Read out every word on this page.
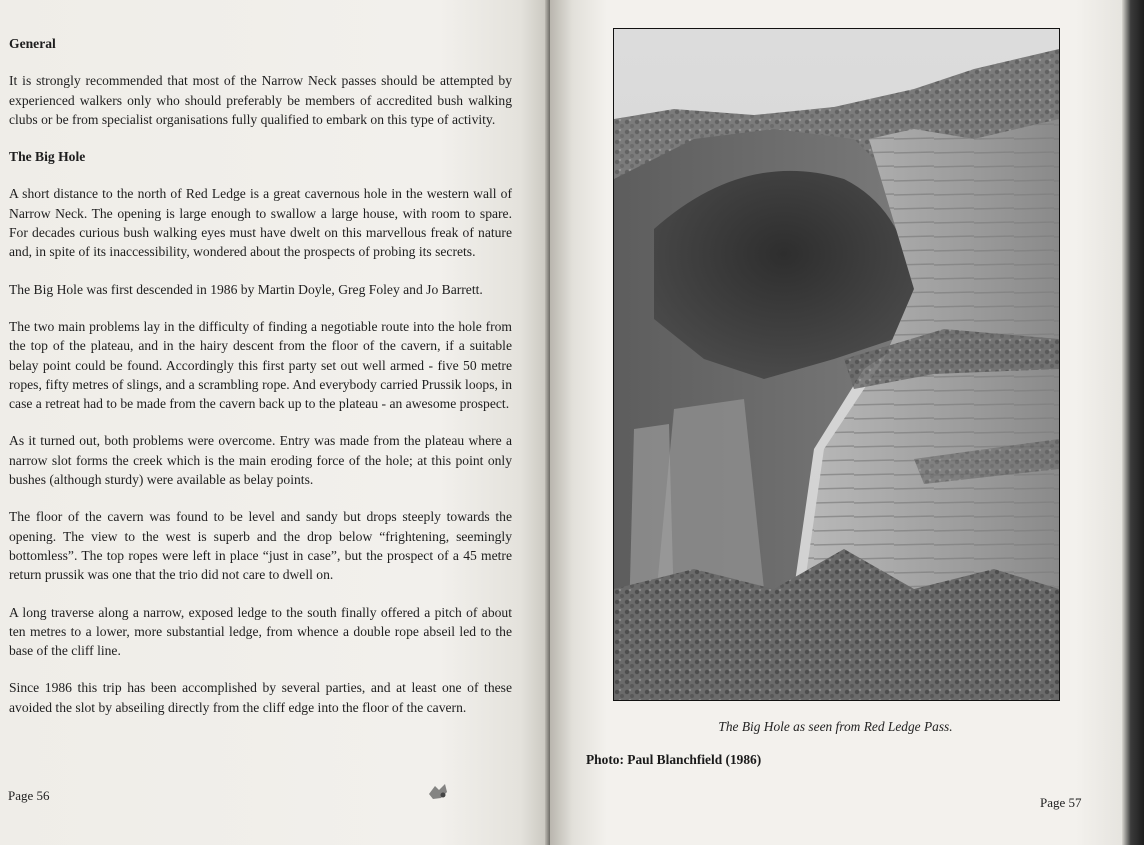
General

It is strongly recommended that most of the Narrow Neck passes should be attempted by experienced walkers only who should preferably be members of accredited bush walking clubs or be from specialist organisations fully qualified to embark on this type of activity.

The Big Hole

A short distance to the north of Red Ledge is a great cavernous hole in the western wall of Narrow Neck. The opening is large enough to swallow a large house, with room to spare. For decades curious bush walking eyes must have dwelt on this marvellous freak of nature and, in spite of its inaccessibility, wondered about the prospects of probing its secrets.

The Big Hole was first descended in 1986 by Martin Doyle, Greg Foley and Jo Barrett.

The two main problems lay in the difficulty of finding a negotiable route into the hole from the top of the plateau, and in the hairy descent from the floor of the cavern, if a suitable belay point could be found. Accordingly this first party set out well armed - five 50 metre ropes, fifty metres of slings, and a scrambling rope. And everybody carried Prussik loops, in case a retreat had to be made from the cavern back up to the plateau - an awesome prospect.

As it turned out, both problems were overcome. Entry was made from the plateau where a narrow slot forms the creek which is the main eroding force of the hole; at this point only bushes (although sturdy) were available as belay points.

The floor of the cavern was found to be level and sandy but drops steeply towards the opening. The view to the west is superb and the drop below “frightening, seemingly bottomless”. The top ropes were left in place “just in case”, but the prospect of a 45 metre return prussik was one that the trio did not care to dwell on.

A long traverse along a narrow, exposed ledge to the south finally offered a pitch of about ten metres to a lower, more substantial ledge, from whence a double rope abseil led to the base of the cliff line.

Since 1986 this trip has been accomplished by several parties, and at least one of these avoided the slot by abseiling directly from the cliff edge into the floor of the cavern.

Page 56
The Big Hole as seen from Red Ledge Pass.
Photo: Paul Blanchfield (1986)
Page 57
